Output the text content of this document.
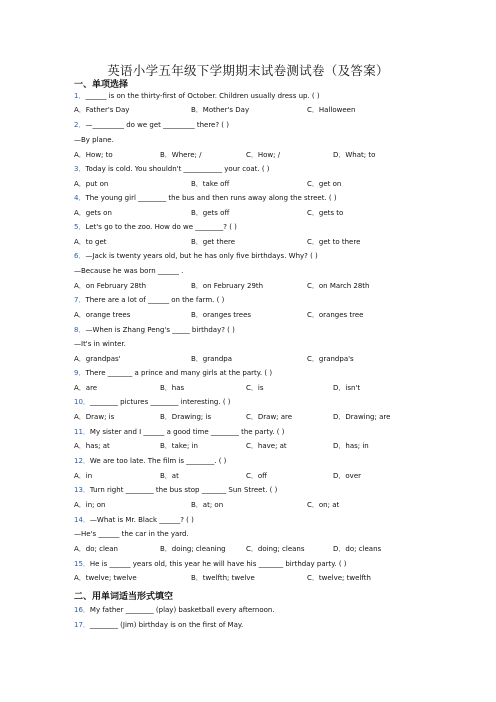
英语小学五年级下学期期末试卷测试卷（及答案）
一、单项选择
1．______ is on the thirty-first of October. Children usually dress up. ( )
A．Father's Day	B．Mother's Day	C．Halloween
2．—_________ do we get _________ there? ( )
—By plane.
A．How; to	B．Where; /	C．How; /	D．What; to
3．Today is cold. You shouldn't ___________ your coat. ( )
A．put on	B．take off	C．get on
4．The young girl ________ the bus and then runs away along the street. ( )
A．gets on	B．gets off	C．gets to
5．Let's go to the zoo. How do we ________? ( )
A．to get	B．get there	C．get to there
6．—Jack is twenty years old, but he has only five birthdays. Why? ( )
—Because he was born ______ .
A．on February 28th	B．on February 29th	C．on March 28th
7．There are a lot of ______ on the farm. ( )
A．orange trees	B．oranges trees	C．oranges tree
8．—When is Zhang Peng's _____ birthday? ( )
—It's in winter.
A．grandpas'	B．grandpa	C．grandpa's
9．There _______ a prince and many girls at the party. ( )
A．are	B．has	C．is	D．isn't
10．________ pictures ________ interesting. ( )
A．Draw; is	B．Drawing; is	C．Draw; are	D．Drawing; are
11．My sister and I ______ a good time ________ the party. ( )
A．has; at	B．take; in	C．have; at	D．has; in
12．We are too late. The film is ________. ( )
A．in	B．at	C．off	D．over
13．Turn right ________ the bus stop _______ Sun Street. ( )
A．in; on	B．at; on	C．on; at
14．—What is Mr. Black ______? ( )
—He's ______ the car in the yard.
A．do; clean	B．doing; cleaning	C．doing; cleans	D．do; cleans
15．He is ______ years old, this year he will have his _______ birthday party. ( )
A．twelve; twelve	B．twelfth; twelve	C．twelve; twelfth
二、用单词适当形式填空
16．My father ________ (play) basketball every afternoon.
17．________ (Jim) birthday is on the first of May.
